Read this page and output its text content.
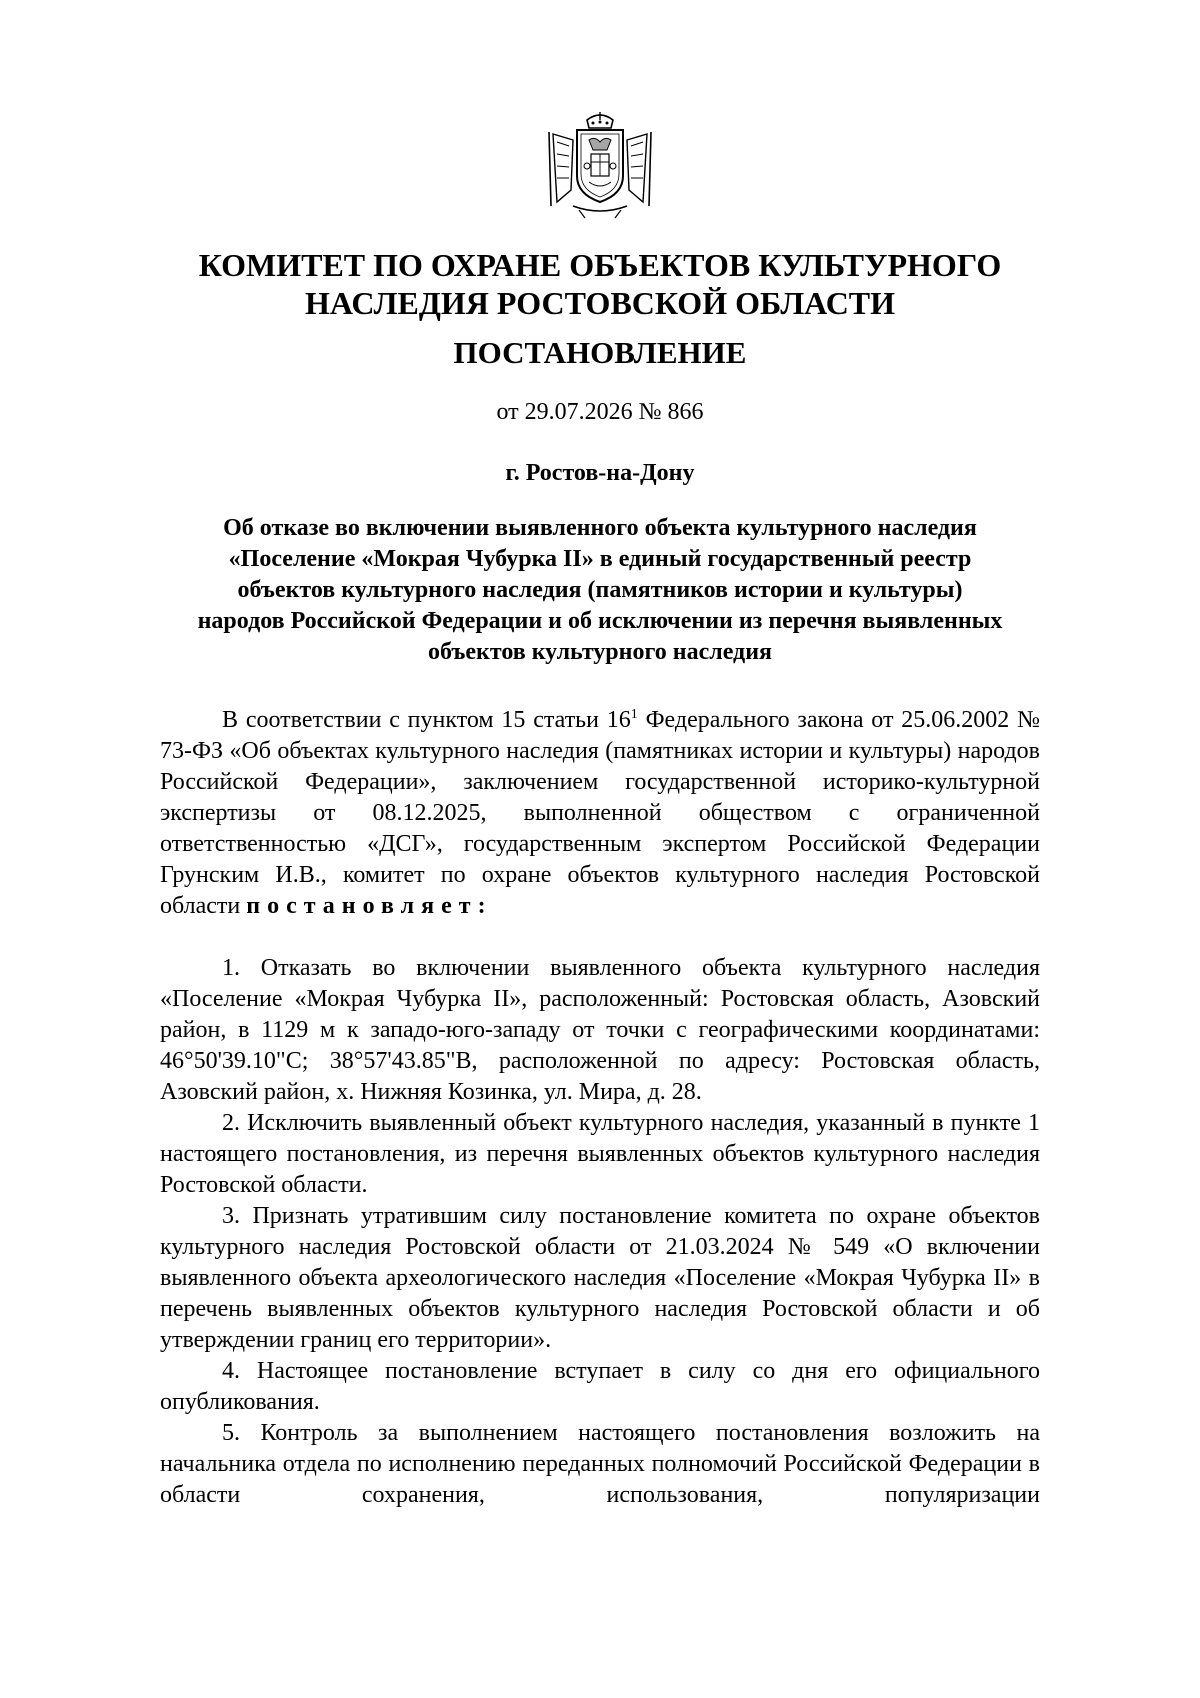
КОМИТЕТ ПО ОХРАНЕ ОБЪЕКТОВ КУЛЬТУРНОГО
НАСЛЕДИЯ РОСТОВСКОЙ ОБЛАСТИ
ПОСТАНОВЛЕНИЕ
от 29.07.2026 № 866
г. Ростов-на-Дону
Об отказе во включении выявленного объекта культурного наследия
«Поселение «Мокрая Чубурка II» в единый государственный реестр
объектов культурного наследия (памятников истории и культуры)
народов Российской Федерации и об исключении из перечня выявленных
объектов культурного наследия

В соответствии с пунктом 15 статьи $16^1$ Федерального закона от 25.06.2002 № 73-ФЗ «Об объектах культурного наследия (памятниках истории и культуры) народов Российской Федерации», заключением государственной историко-культурной экспертизы от 08.12.2025, выполненной обществом с ограниченной ответственностью «ДСГ», государственным экспертом Российской Федерации Грунским И.В., комитет по охране объектов культурного наследия Ростовской области постановляет:

1. Отказать во включении выявленного объекта культурного наследия «Поселение «Мокрая Чубурка II», расположенный: Ростовская область, Азовский район, в 1129 м к западо-юго-западу от точки с географическими координатами: 46°50'39.10"С; 38°57'43.85"В, расположенной по адресу: Ростовская область, Азовский район, х. Нижняя Козинка, ул. Мира, д. 28.

2. Исключить выявленный объект культурного наследия, указанный в пункте 1 настоящего постановления, из перечня выявленных объектов культурного наследия Ростовской области.

3. Признать утратившим силу постановление комитета по охране объектов культурного наследия Ростовской области от 21.03.2024 № 549 «О включении выявленного объекта археологического наследия «Поселение «Мокрая Чубурка II» в перечень выявленных объектов культурного наследия Ростовской области и об утверждении границ его территории».

4. Настоящее постановление вступает в силу со дня его официального опубликования.

5. Контроль за выполнением настоящего постановления возложить на начальника отдела по исполнению переданных полномочий Российской Федерации в области сохранения, использования, популяризации
